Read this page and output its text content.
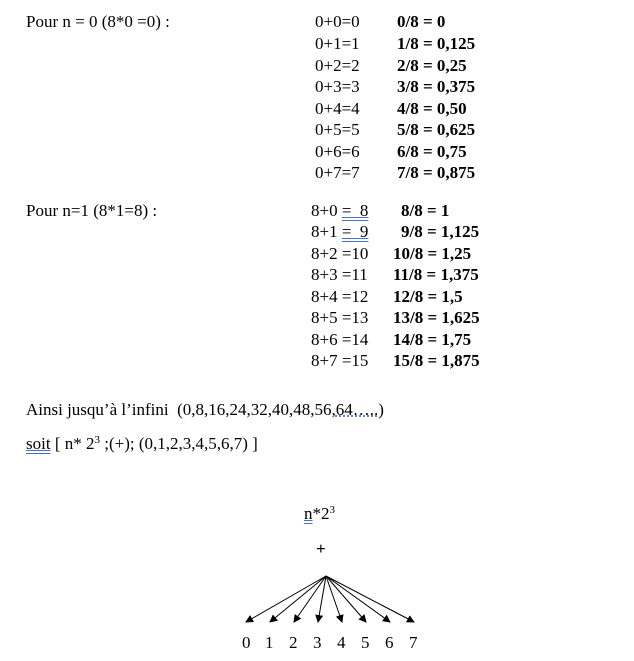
Pour n = 0 (8*0 =0) :	0+0=0 0/8 = 0
0+1=1 1/8 = 0,125
0+2=2 2/8 = 0,25
0+3=3 3/8 = 0,375
0+4=4 4/8 = 0,50
0+5=5 5/8 = 0,625
0+6=6 6/8 = 0,75
0+7=7 7/8 = 0,875
Pour n=1 (8*1=8) :	8+0 =  8 8/8 = 1
8+1 =  9 9/8 = 1,125
8+2 =10 10/8 = 1,25
8+3 =11 11/8 = 1,375
8+4 =12 12/8 = 1,5
8+5 =13 13/8 = 1,625
8+6 =14 14/8 = 1,75
8+7 =15 15/8 = 1,875
Ainsi jusqu’à l’infini  (0,8,16,24,32,40,48,56,64…..)
soit [ n* $2^3$ ;(+); (0,1,2,3,4,5,6,7) ]
$n*2^3$
+
0 1 2 3 4 5 6 7
